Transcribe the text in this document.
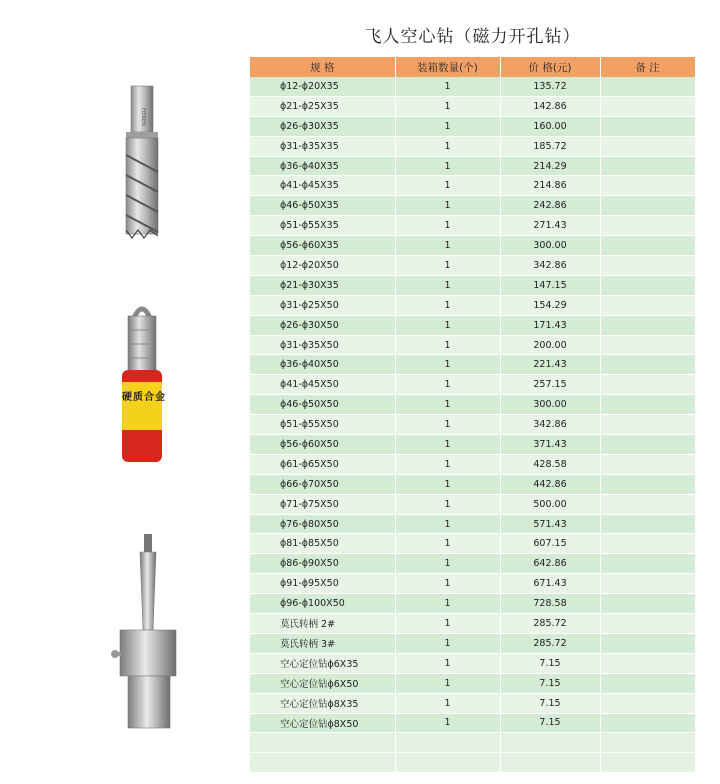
飞人空心钻（磁力开孔钻）
FEIREN
硬质合金
规 格	装箱数量(个)	价 格(元)	备 注
ϕ12-ϕ20X35	1	135.72	
ϕ21-ϕ25X35	1	142.86	
ϕ26-ϕ30X35	1	160.00	
ϕ31-ϕ35X35	1	185.72	
ϕ36-ϕ40X35	1	214.29	
ϕ41-ϕ45X35	1	214.86	
ϕ46-ϕ50X35	1	242.86	
ϕ51-ϕ55X35	1	271.43	
ϕ56-ϕ60X35	1	300.00	
ϕ12-ϕ20X50	1	342.86	
ϕ21-ϕ30X35	1	147.15	
ϕ31-ϕ25X50	1	154.29	
ϕ26-ϕ30X50	1	171.43	
ϕ31-ϕ35X50	1	200.00	
ϕ36-ϕ40X50	1	221.43	
ϕ41-ϕ45X50	1	257.15	
ϕ46-ϕ50X50	1	300.00	
ϕ51-ϕ55X50	1	342.86	
ϕ56-ϕ60X50	1	371.43	
ϕ61-ϕ65X50	1	428.58	
ϕ66-ϕ70X50	1	442.86	
ϕ71-ϕ75X50	1	500.00	
ϕ76-ϕ80X50	1	571.43	
ϕ81-ϕ85X50	1	607.15	
ϕ86-ϕ90X50	1	642.86	
ϕ91-ϕ95X50	1	671.43	
ϕ96-ϕ100X50	1	728.58	
莫氏转柄 2#	1	285.72	
莫氏转柄 3#	1	285.72	
空心定位钻ϕ6X35	1	7.15	
空心定位钻ϕ6X50	1	7.15	
空心定位钻ϕ8X35	1	7.15	
空心定位钻ϕ8X50	1	7.15	
